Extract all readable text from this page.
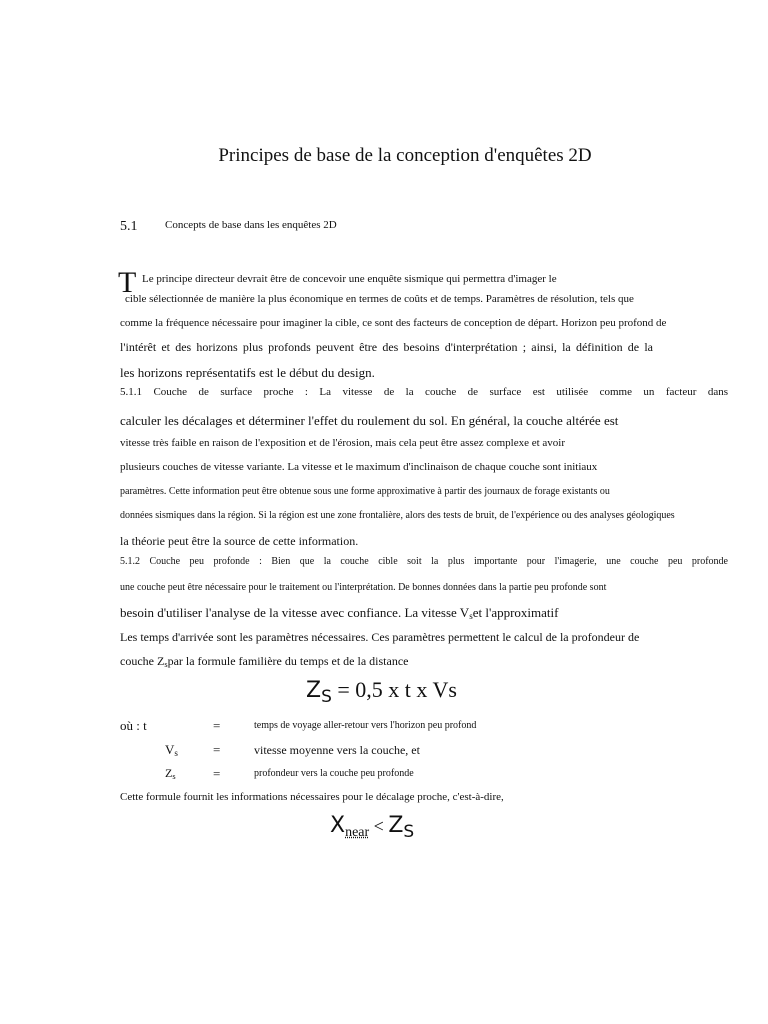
Principes de base de la conception d'enquêtes 2D
5.1	Concepts de base dans les enquêtes 2D
T Le principe directeur devrait être de concevoir une enquête sismique qui permettra d'imager le
cible sélectionnée de manière la plus économique en termes de coûts et de temps. Paramètres de résolution, tels que
comme la fréquence nécessaire pour imaginer la cible, ce sont des facteurs de conception de départ. Horizon peu profond de
l'intérêt et des horizons plus profonds peuvent être des besoins d'interprétation ; ainsi, la définition de la
les horizons représentatifs est le début du design.
5.1.1 Couche de surface proche : La vitesse de la couche de surface est utilisée comme un facteur dans
calculer les décalages et déterminer l'effet du roulement du sol. En général, la couche altérée est
vitesse très faible en raison de l'exposition et de l'érosion, mais cela peut être assez complexe et avoir
plusieurs couches de vitesse variante. La vitesse et le maximum d'inclinaison de chaque couche sont initiaux
paramètres. Cette information peut être obtenue sous une forme approximative à partir des journaux de forage existants ou
données sismiques dans la région. Si la région est une zone frontalière, alors des tests de bruit, de l'expérience ou des analyses géologiques
la théorie peut être la source de cette information.
5.1.2 Couche peu profonde : Bien que la couche cible soit la plus importante pour l'imagerie, une couche peu profonde
une couche peut être nécessaire pour le traitement ou l'interprétation. De bonnes données dans la partie peu profonde sont
besoin d'utiliser l'analyse de la vitesse avec confiance. La vitesse $V_set$ l'approximatif
Les temps d'arrivée sont les paramètres nécessaires. Ces paramètres permettent le calcul de la profondeur de
couche $Z_spar$ la formule familière du temps et de la distance
$Z_S = 0,5$ x t x Vs
où : t	=	temps de voyage aller-retour vers l'horizon peu profond
$V_s$	=	vitesse moyenne vers la couche, et
$Z_s$	=	profondeur vers la couche peu profonde
Cette formule fournit les informations nécessaires pour le décalage proche, c'est-à-dire,
$X_{near} < Z_S$
